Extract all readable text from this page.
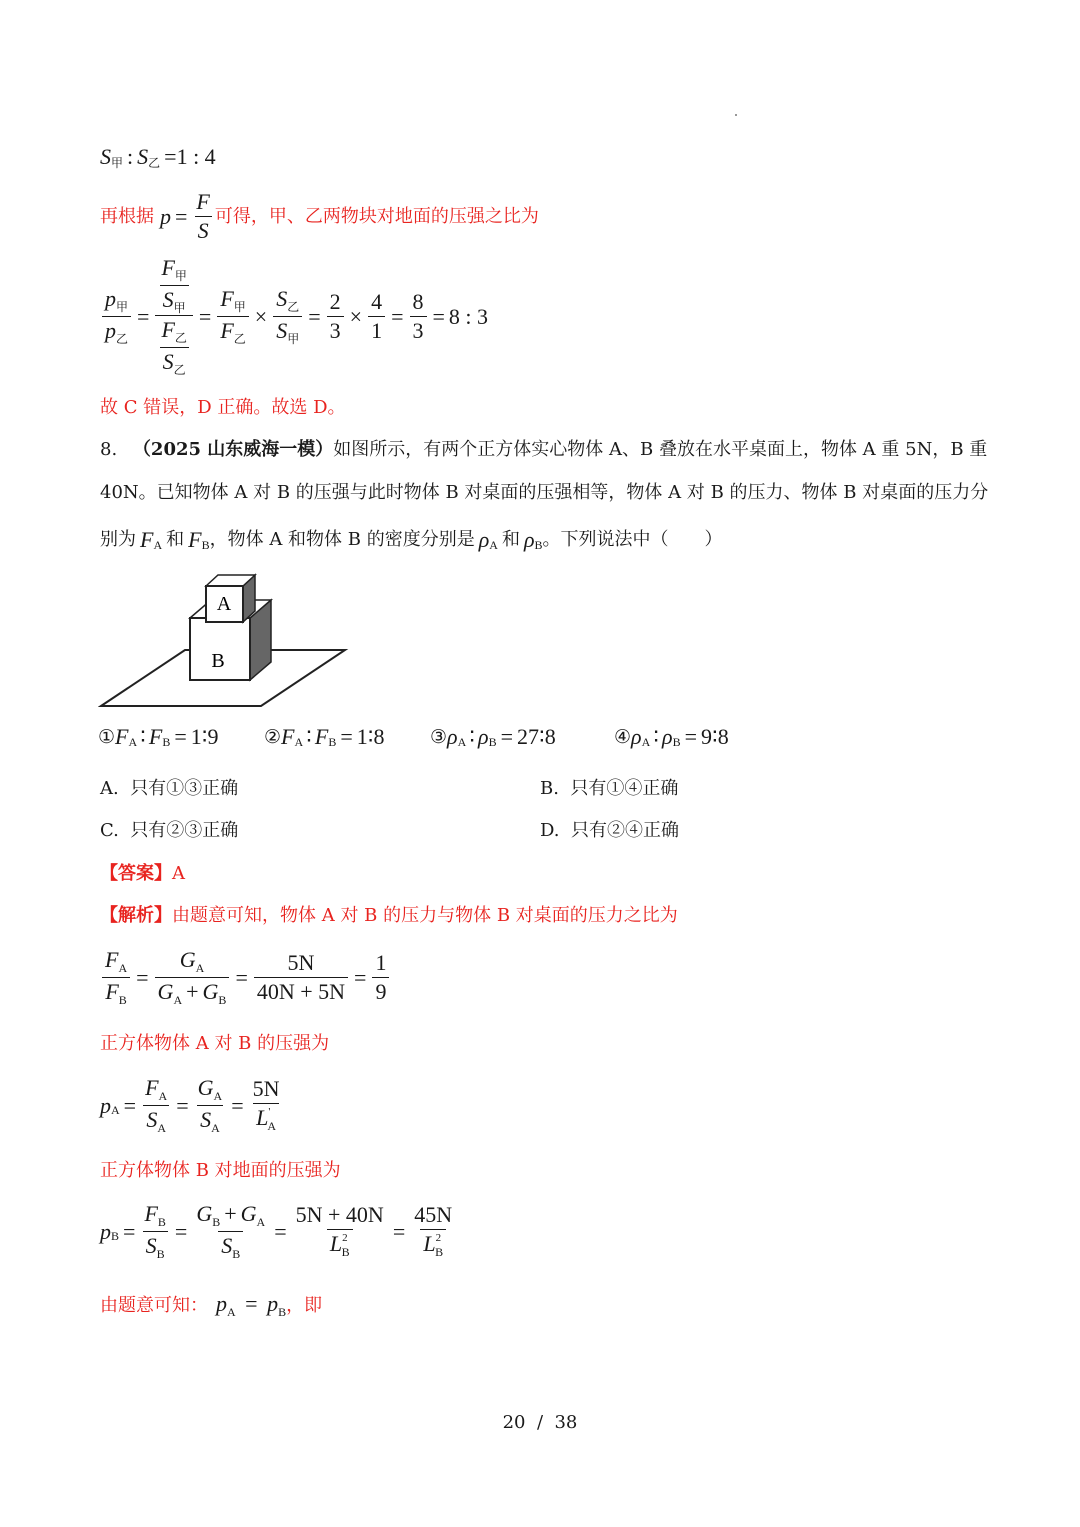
S 甲 : S 乙 =1 : 4
再根据 $p = \frac{F}{S}$ 可得，甲、乙两物块对地面的压强之比为
$\frac{p_甲}{p_乙} = \frac{\frac{F_甲}{S_甲}}{\frac{F_乙}{S_乙}} = \frac{F_甲}{F_乙} \times \frac{S_乙}{S_甲} = \frac{2}{3} \times \frac{4}{1} = \frac{8}{3} = 8$ : 3
故 C 错误，D 正确。故选 D。
8. （2025 山东威海一模）如图所示，有两个正方体实心物体 A、B 叠放在水平桌面上，物体 A 重 5N，B 重
40N。已知物体 A 对 B 的压强与此时物体 B 对桌面的压强相等，物体 A 对 B 的压力、物体 B 对桌面的压力分
别为 F A 和 F B ，物体 A 和物体 B 的密度分别是 ρ A 和 ρ B 。下列说法中（　　）
A
B
① F A ∶ F B = 1∶9 ② F A ∶ F B = 1∶8 ③ ρ A ∶ ρ B = 27∶8	④ ρ A ∶ ρ B = 9∶8
A. 只有①③正确	B. 只有①④正确
C. 只有②③正确	D. 只有②④正确
【答案】A
【解析】由题意可知，物体 A 对 B 的压力与物体 B 对桌面的压力之比为
$\frac{F_A}{F_B} = \frac{G_A}{G_A + G_B} = \frac{5N}{40N + 5N} = \frac{1}{9}$
正方体物体 A 对 B 的压强为
p $A = \frac{F_A}{S_A} = \frac{G_A}{S_A} = \frac{5N}{L'_A}$
正方体物体 B 对地面的压强为
p $B = \frac{F_B}{S_B} = \frac{G_B + G_A}{S_B} = \frac{5N + 40N}{L^2_B} = \frac{45N}{L^2_B}$
由题意可知： $p_A = p_B$ ，即
20 / 38
